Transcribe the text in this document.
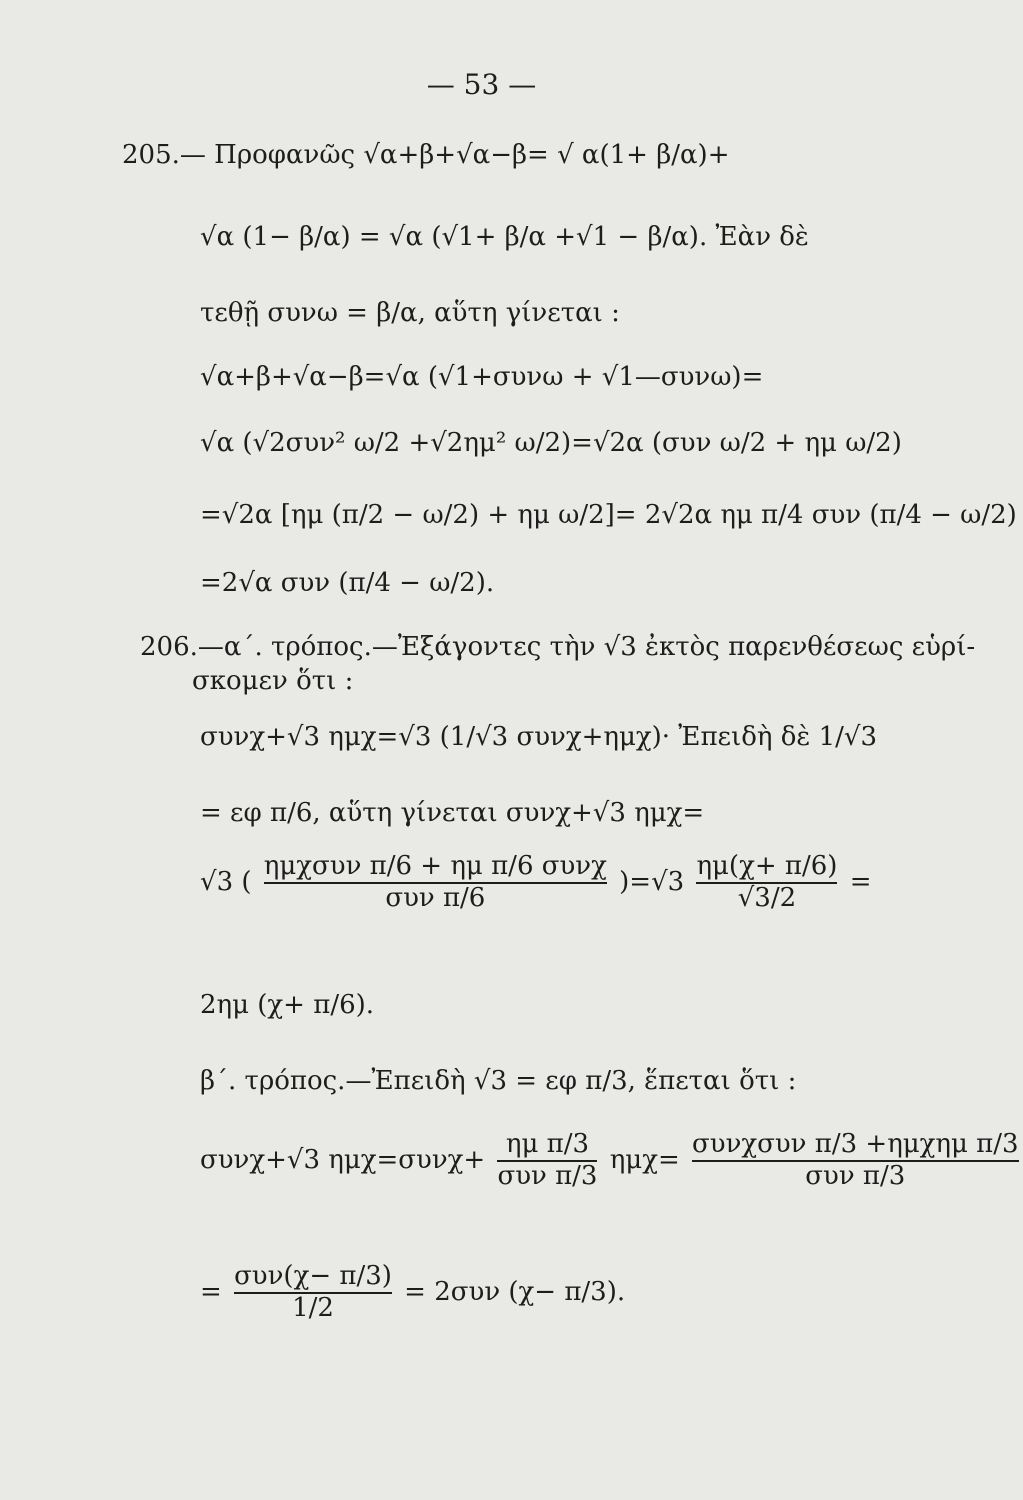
— 53 —
205.— Προφανῶς √α+β+√α−β= √ α(1+ β/α)+
√α (1− β/α) = √α (√1+ β/α +√1 − β/α). Ἐὰν δὲ
τεθῇ συνω = β/α, αὕτη γίνεται :
√α+β+√α−β=√α (√1+συνω + √1—συνω)=
√α (√2συν² ω/2 +√2ημ² ω/2)=√2α (συν ω/2 + ημ ω/2)
=√2α [ημ (π/2 − ω/2) + ημ ω/2]= 2√2α ημ π/4 συν (π/4 − ω/2)
=2√α συν (π/4 − ω/2).
206.—α΄. τρόπος.—Ἐξάγοντες τὴν √3 ἐκτὸς παρενθέσεως εὑρί-
σκομεν ὅτι :
συνχ+√3 ημχ=√3 (1/√3 συνχ+ημχ)· Ἐπειδὴ δὲ 1/√3
= εφ π/6, αὕτη γίνεται συνχ+√3 ημχ=
√3 ( $\frac{\text{ημχσυν π/6 + ημ π/6 συνχ}}{\text{συν π/6}} )=√3 \frac{\eta\mu(\chi+ \pi/6)}{√3/2}$ =
2ημ (χ+ π/6).
β΄. τρόπος.—Ἐπειδὴ √3 = εφ π/3, ἕπεται ὅτι :
συνχ+√3 $\eta\mu\chi=\sigma\upsilon\nu\chi+ \frac{\text{ημ π/3}}{\text{συν π/3}} \eta\mu\chi= \frac{\text{συνχσυν π/3 +ημχημ π/3}}{\text{συν π/3}}$
= $\frac{\text{συν(χ− π/3)}}{1/2} = 2\sigma\upsilon\nu$ (χ− π/3).
